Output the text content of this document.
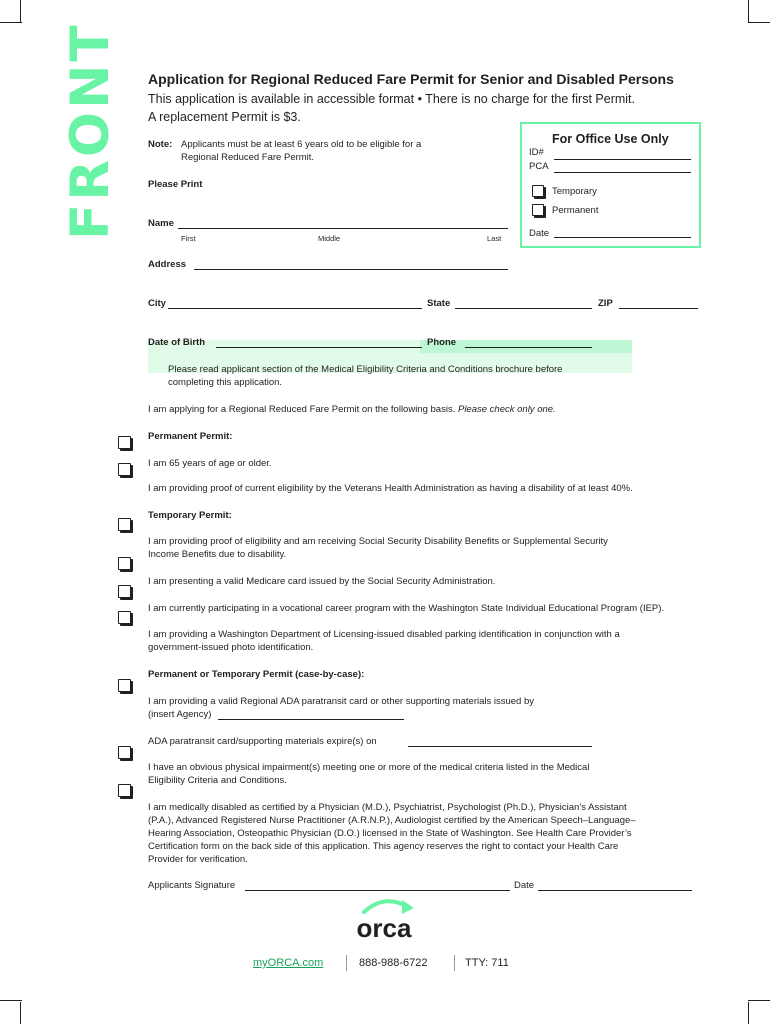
FRONT Application for Regional Reduced Fare Permit for Senior and Disabled Persons
This application is available in accessible format • There is no charge for the first Permit.
A replacement Permit is $3.
Note: Applicants must be at least 6 years old to be eligible for a
Regional Reduced Fare Permit.
For Office Use Only
ID#
PCA
Temporary
Permanent
Date
Please Print
Name
First	Middle	Last
Address
City	State	ZIP
Date of Birth	Phone
Please read applicant section of the Medical Eligibility Criteria and Conditions brochure before
completing this application.
I am applying for a Regional Reduced Fare Permit on the following basis. Please check only one.
Permanent Permit:
I am 65 years of age or older.
I am providing proof of current eligibility by the Veterans Health Administration as having a disability of at least 40%.
Temporary Permit:
I am providing proof of eligibility and am receiving Social Security Disability Benefits or Supplemental Security
Income Benefits due to disability.
I am presenting a valid Medicare card issued by the Social Security Administration.
I am currently participating in a vocational career program with the Washington State Individual Educational Program (IEP).
I am providing a Washington Department of Licensing-issued disabled parking identification in conjunction with a
government-issued photo identification.
Permanent or Temporary Permit (case-by-case):
I am providing a valid Regional ADA paratransit card or other supporting materials issued by
(insert Agency)
ADA paratransit card/supporting materials expire(s) on
I have an obvious physical impairment(s) meeting one or more of the medical criteria listed in the Medical
Eligibility Criteria and Conditions.
I am medically disabled as certified by a Physician (M.D.), Psychiatrist, Psychologist (Ph.D.), Physician’s Assistant
(P.A.), Advanced Registered Nurse Practitioner (A.R.N.P.), Audiologist certified by the American Speech–Language–
Hearing Association, Osteopathic Physician (D.O.) licensed in the State of Washington. See Health Care Provider’s
Certification form on the back side of this application. This agency reserves the right to contact your Health Care
Provider for verification.
Applicants Signature	Date
orca
myORCA.com	888-988-6722	TTY: 711
